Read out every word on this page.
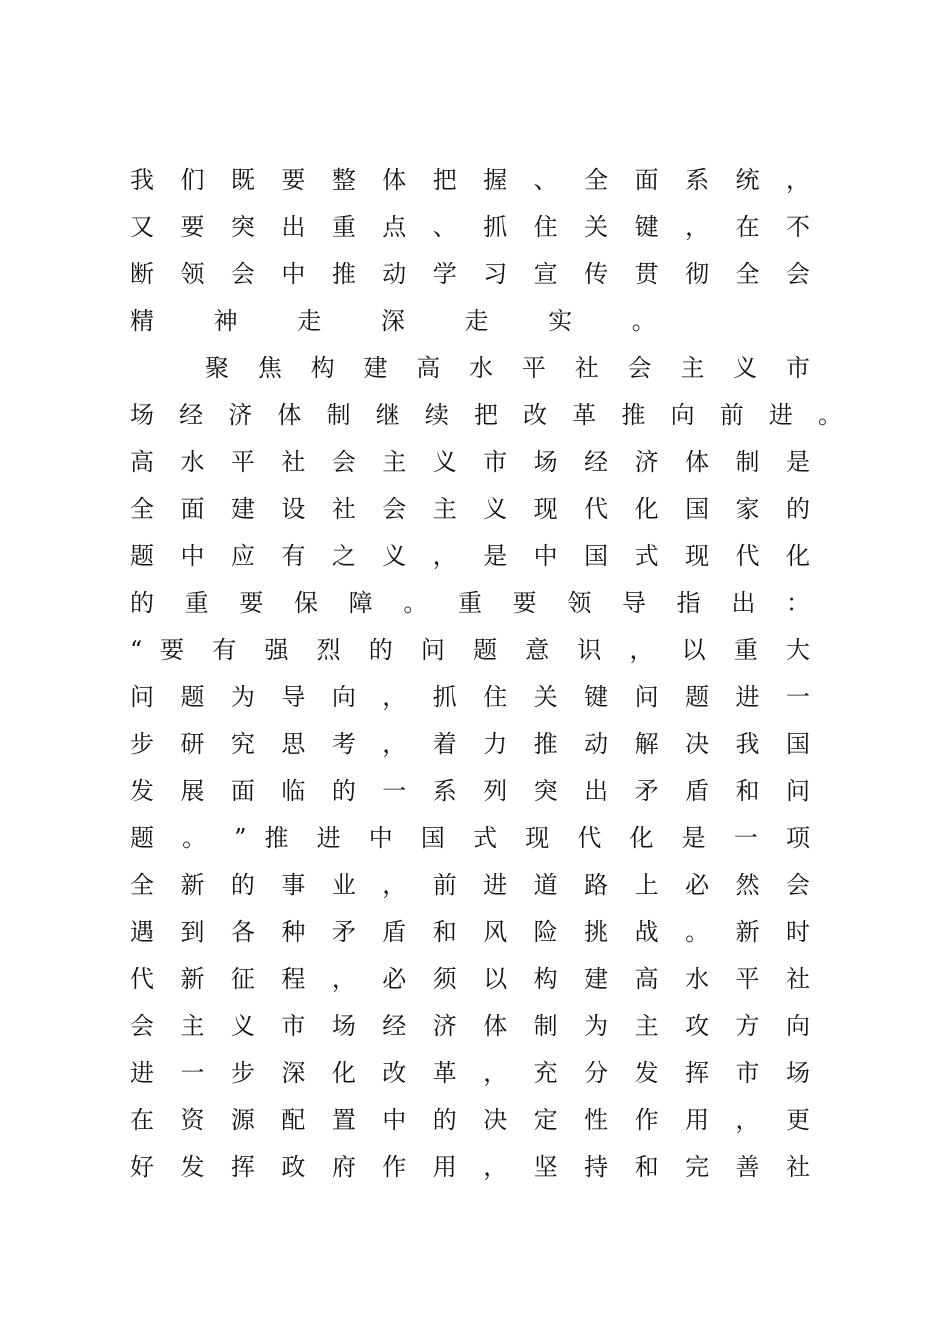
我 们 既 要 整 体 把 握 、 全 面 系 统 ，
又 要 突 出 重 点 、 抓 住 关 键 ， 在 不
断 领 会 中 推 动 学 习 宣 传 贯 彻 全 会
精 神 走 深 走 实 。
聚 焦 构 建 高 水 平 社 会 主 义 市
场 经 济 体 制 继 续 把 改 革 推 向 前 进 。
高 水 平 社 会 主 义 市 场 经 济 体 制 是
全 面 建 设 社 会 主 义 现 代 化 国 家 的
题 中 应 有 之 义 ， 是 中 国 式 现 代 化
的 重 要 保 障 。 重 要 领 导 指 出 ：
“ 要 有 强 烈 的 问 题 意 识 ， 以 重 大
问 题 为 导 向 ， 抓 住 关 键 问 题 进 一
步 研 究 思 考 ， 着 力 推 动 解 决 我 国
发 展 面 临 的 一 系 列 突 出 矛 盾 和 问
题 。 ” 推 进 中 国 式 现 代 化 是 一 项
全 新 的 事 业 ， 前 进 道 路 上 必 然 会
遇 到 各 种 矛 盾 和 风 险 挑 战 。 新 时
代 新 征 程 ， 必 须 以 构 建 高 水 平 社
会 主 义 市 场 经 济 体 制 为 主 攻 方 向
进 一 步 深 化 改 革 ， 充 分 发 挥 市 场
在 资 源 配 置 中 的 决 定 性 作 用 ， 更
好 发 挥 政 府 作 用 ， 坚 持 和 完 善 社
